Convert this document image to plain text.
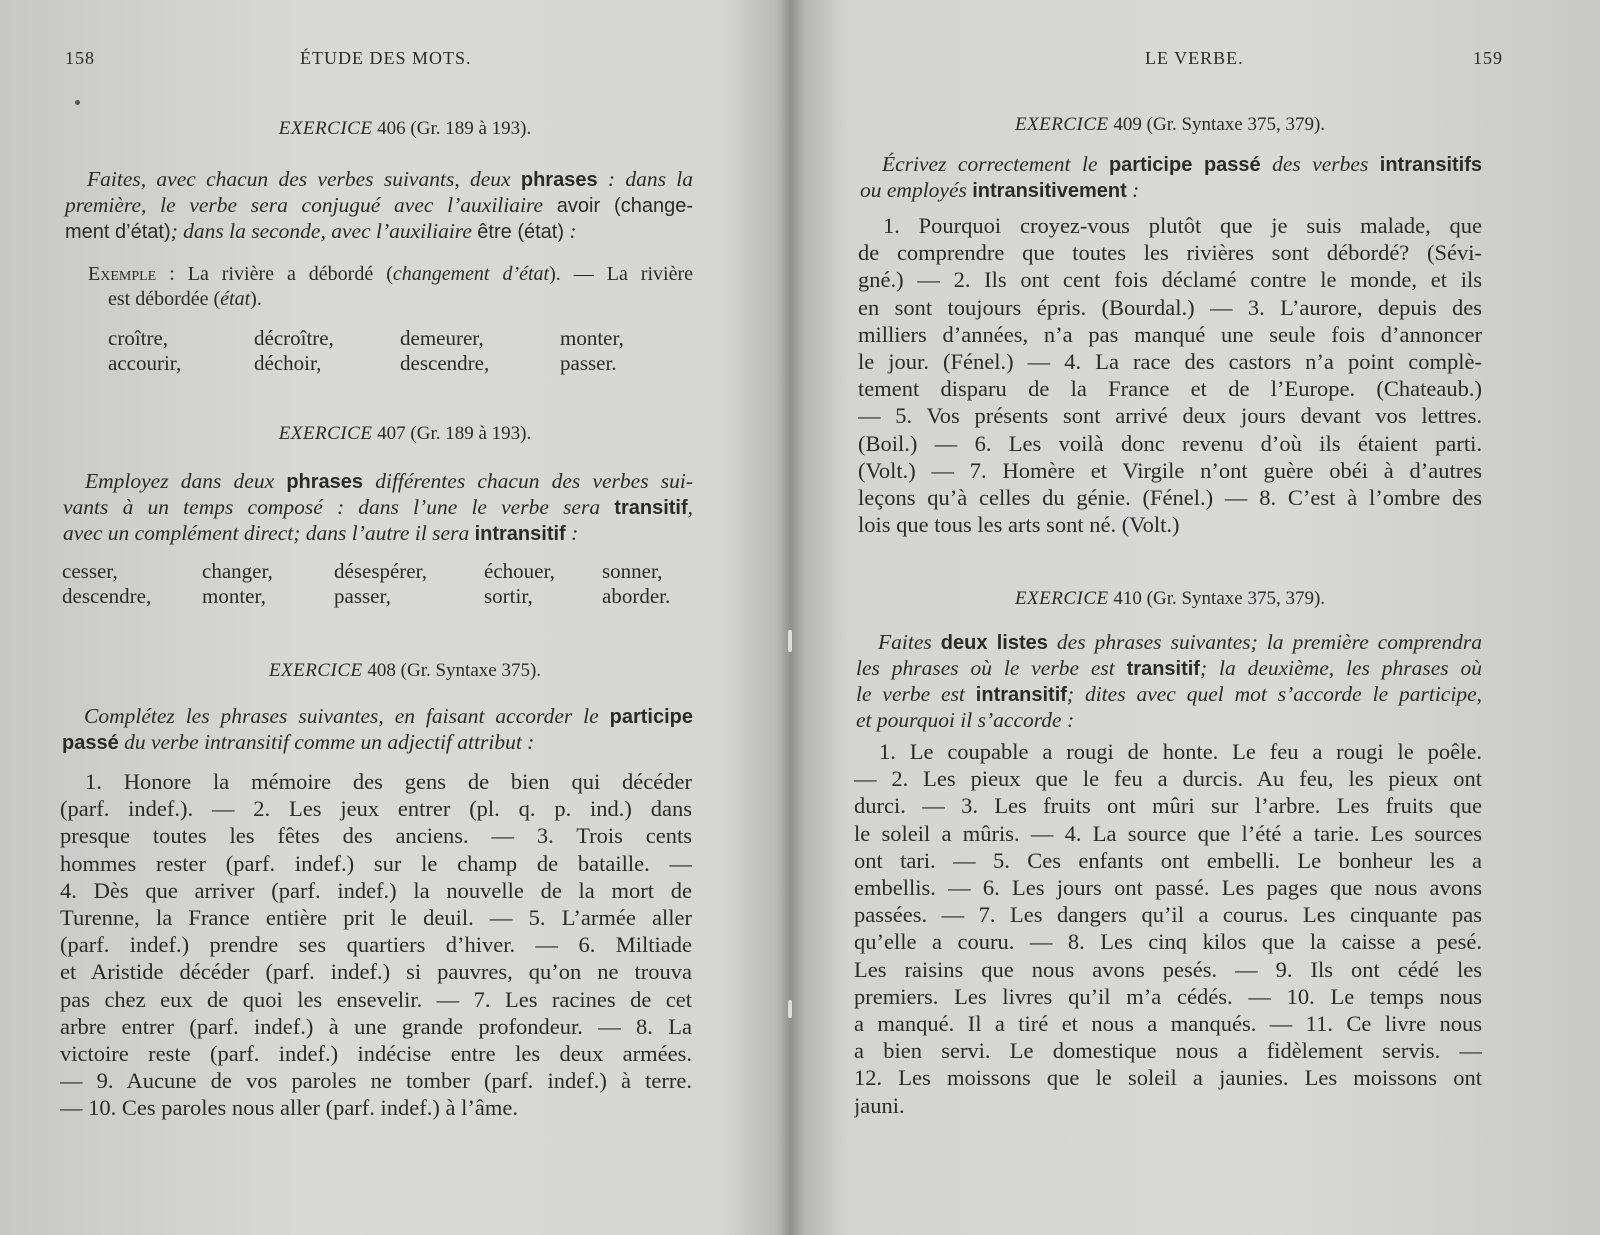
158	ÉTUDE DES MOTS.
EXERCICE 406 (Gr. 189 à 193).
Faites, avec chacun des verbes suivants, deux phrases : dans la
première, le verbe sera conjugué avec l’auxiliaire avoir (change-
ment d’état); dans la seconde, avec l’auxiliaire être (état) :
Exemple : La rivière a débordé (changement d’état). — La rivière
est débordée (état).
croître,	décroître,	demeurer,	monter,
accourir,	déchoir,	descendre,	passer.
EXERCICE 407 (Gr. 189 à 193).
Employez dans deux phrases différentes chacun des verbes sui-
vants à un temps composé : dans l’une le verbe sera transitif,
avec un complément direct; dans l’autre il sera intransitif :
cesser,	changer,	désespérer,	échouer,	sonner,
descendre,	monter,	passer,	sortir,	aborder.
EXERCICE 408 (Gr. Syntaxe 375).
Complétez les phrases suivantes, en faisant accorder le participe
passé du verbe intransitif comme un adjectif attribut :
1. Honore la mémoire des gens de bien qui décéder
(parf. indef.). — 2. Les jeux entrer (pl. q. p. ind.) dans
presque toutes les fêtes des anciens. — 3. Trois cents
hommes rester (parf. indef.) sur le champ de bataille. —
4. Dès que arriver (parf. indef.) la nouvelle de la mort de
Turenne, la France entière prit le deuil. — 5. L’armée aller
(parf. indef.) prendre ses quartiers d’hiver. — 6. Miltiade
et Aristide décéder (parf. indef.) si pauvres, qu’on ne trouva
pas chez eux de quoi les ensevelir. — 7. Les racines de cet
arbre entrer (parf. indef.) à une grande profondeur. — 8. La
victoire reste (parf. indef.) indécise entre les deux armées.
— 9. Aucune de vos paroles ne tomber (parf. indef.) à terre.
— 10. Ces paroles nous aller (parf. indef.) à l’âme.
LE VERBE.	159
EXERCICE 409 (Gr. Syntaxe 375, 379).
Écrivez correctement le participe passé des verbes intransitifs
ou employés intransitivement :
1. Pourquoi croyez-vous plutôt que je suis malade, que
de comprendre que toutes les rivières sont débordé? (Sévi-
gné.) — 2. Ils ont cent fois déclamé contre le monde, et ils
en sont toujours épris. (Bourdal.) — 3. L’aurore, depuis des
milliers d’années, n’a pas manqué une seule fois d’annoncer
le jour. (Fénel.) — 4. La race des castors n’a point complè-
tement disparu de la France et de l’Europe. (Chateaub.)
— 5. Vos présents sont arrivé deux jours devant vos lettres.
(Boil.) — 6. Les voilà donc revenu d’où ils étaient parti.
(Volt.) — 7. Homère et Virgile n’ont guère obéi à d’autres
leçons qu’à celles du génie. (Fénel.) — 8. C’est à l’ombre des
lois que tous les arts sont né. (Volt.)
EXERCICE 410 (Gr. Syntaxe 375, 379).
Faites deux listes des phrases suivantes; la première comprendra
les phrases où le verbe est transitif; la deuxième, les phrases où
le verbe est intransitif; dites avec quel mot s’accorde le participe,
et pourquoi il s’accorde :
1. Le coupable a rougi de honte. Le feu a rougi le poêle.
— 2. Les pieux que le feu a durcis. Au feu, les pieux ont
durci. — 3. Les fruits ont mûri sur l’arbre. Les fruits que
le soleil a mûris. — 4. La source que l’été a tarie. Les sources
ont tari. — 5. Ces enfants ont embelli. Le bonheur les a
embellis. — 6. Les jours ont passé. Les pages que nous avons
passées. — 7. Les dangers qu’il a courus. Les cinquante pas
qu’elle a couru. — 8. Les cinq kilos que la caisse a pesé.
Les raisins que nous avons pesés. — 9. Ils ont cédé les
premiers. Les livres qu’il m’a cédés. — 10. Le temps nous
a manqué. Il a tiré et nous a manqués. — 11. Ce livre nous
a bien servi. Le domestique nous a fidèlement servis. —
12. Les moissons que le soleil a jaunies. Les moissons ont
jauni.
